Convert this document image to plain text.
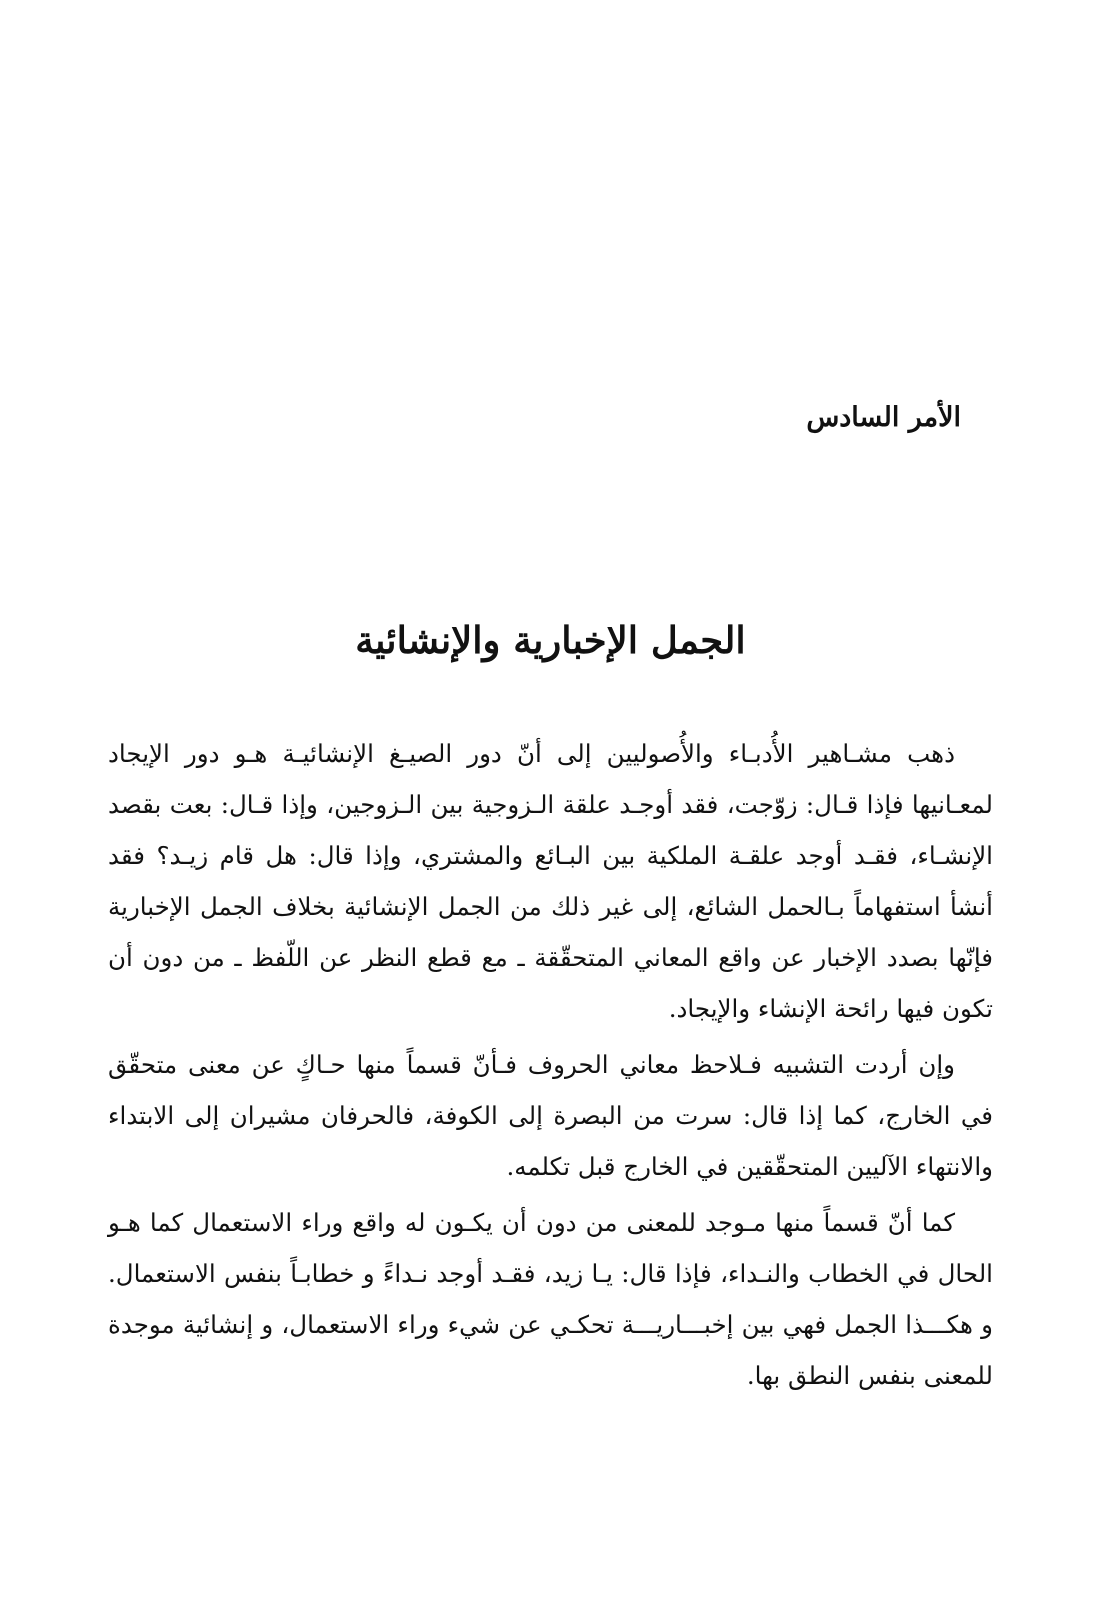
الأمر السادس
الجمل الإخبارية والإنشائية

ذهب مشـاهير الأُدبـاء والأُصوليين إلى أنّ دور الصيـغ الإنشائيـة هـو دور الإيجاد لمعـانيها فإذا قـال: زوّجت، فقد أوجـد علقة الـزوجية بين الـزوجين، وإذا قـال: بعت بقصد الإنشـاء، فقـد أوجد علقـة الملكية بين البـائع والمشتري، وإذا قال: هل قام زيـد؟ فقد أنشأ استفهاماً بـالحمل الشائع، إلى غير ذلك من الجمل الإنشائية بخلاف الجمل الإخبارية فإنّها بصدد الإخبار عن واقع المعاني المتحقّقة ـ مع قطع النظر عن اللّفظ ـ من دون أن تكون فيها رائحة الإنشاء والإيجاد.

وإن أردت التشبيه فـلاحظ معاني الحروف فـأنّ قسماً منها حـاكٍ عن معنى متحقّق في الخارج، كما إذا قال: سرت من البصرة إلى الكوفة، فالحرفان مشيران إلى الابتداء والانتهاء الآليين المتحقّقين في الخارج قبل تكلمه.

كما أنّ قسماً منها مـوجد للمعنى من دون أن يكـون له واقع وراء الاستعمال كما هـو الحال في الخطاب والنـداء، فإذا قال: يـا زيد، فقـد أوجد نـداءً و خطابـاً بنفس الاستعمال. و هكـــذا الجمل فهي بين إخبـــاريـــة تحكـي عن شيء وراء الاستعمال، و إنشائية موجدة للمعنى بنفس النطق بها.
